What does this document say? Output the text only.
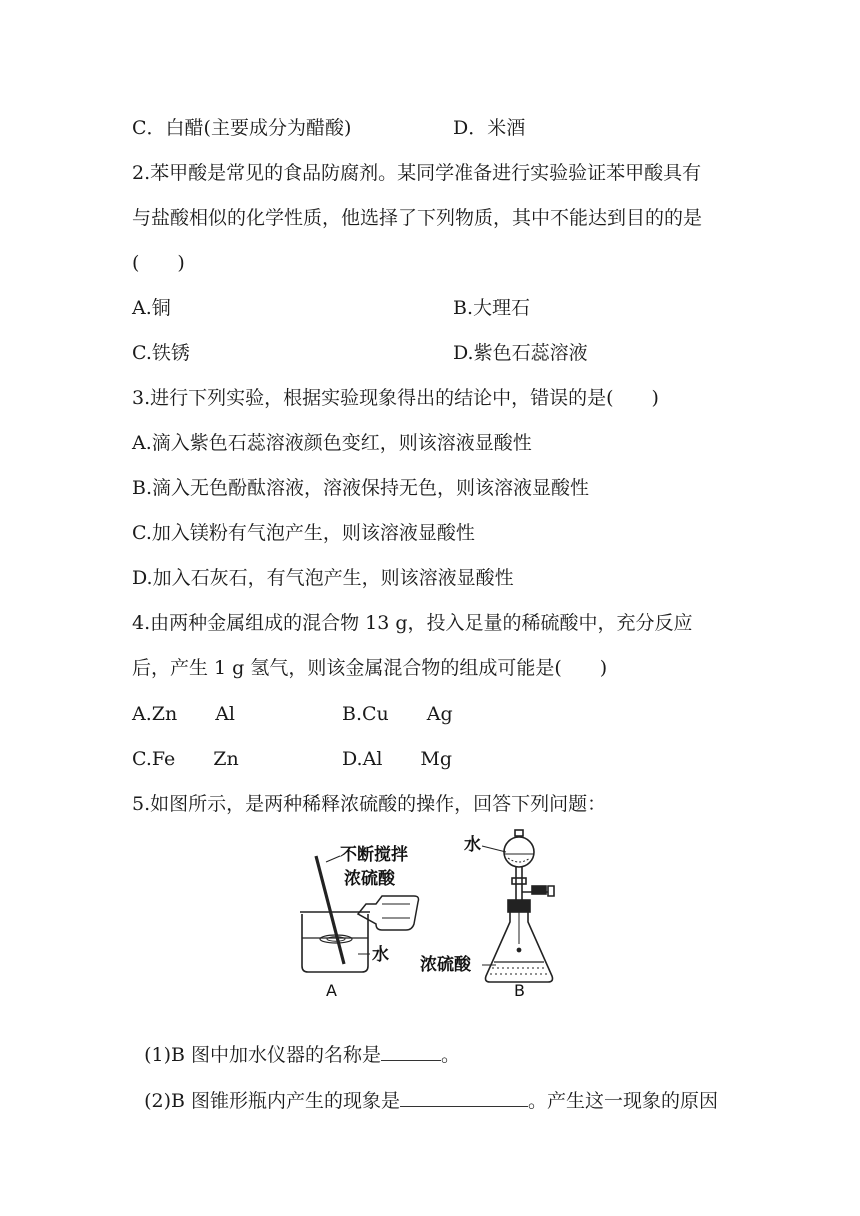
C．白醋(主要成分为醋酸)	D．米酒
2.苯甲酸是常见的食品防腐剂。某同学准备进行实验验证苯甲酸具有
与盐酸相似的化学性质，他选择了下列物质，其中不能达到目的的是
(　　)
A.铜	B.大理石
C.铁锈	D.紫色石蕊溶液
3.进行下列实验，根据实验现象得出的结论中，错误的是(　　)
A.滴入紫色石蕊溶液颜色变红，则该溶液显酸性
B.滴入无色酚酞溶液，溶液保持无色，则该溶液显酸性
C.加入镁粉有气泡产生，则该溶液显酸性
D.加入石灰石，有气泡产生，则该溶液显酸性
4.由两种金属组成的混合物 13 g，投入足量的稀硫酸中，充分反应
后，产生 1 g 氢气，则该金属混合物的组成可能是(　　)
A.Zn　　Al	B.Cu　　Ag
C.Fe　　Zn	D.Al　　Mg
5.如图所示，是两种稀释浓硫酸的操作，回答下列问题：
不断搅拌
浓硫酸
水
A
水
浓硫酸
B

(1)B 图中加水仪器的名称是	。

(2)B 图锥形瓶内产生的现象是	。产生这一现象的原因
